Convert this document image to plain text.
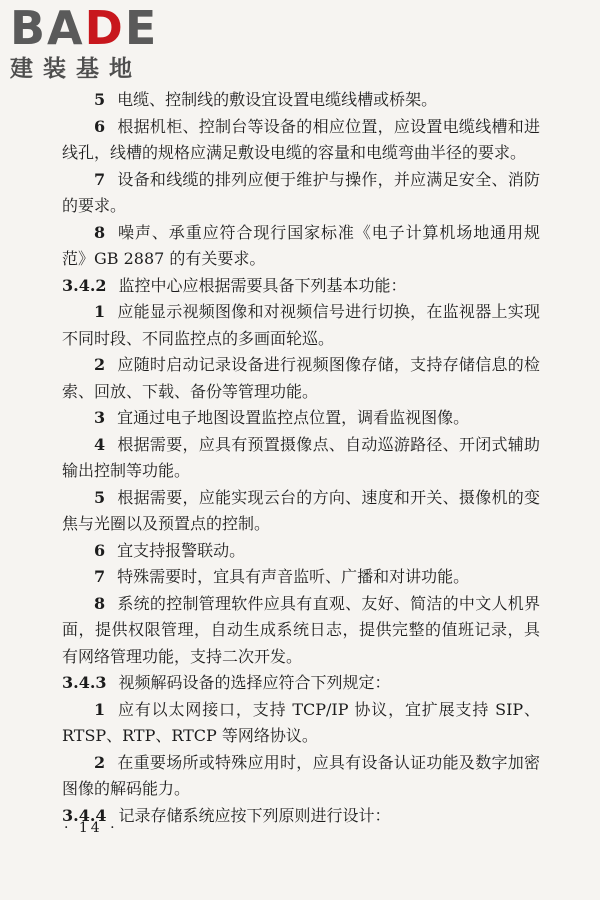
BADE
建装基地

5 电缆、控制线的敷设宜设置电缆线槽或桥架。

6 根据机柜、控制台等设备的相应位置，应设置电缆线槽和进线孔，线槽的规格应满足敷设电缆的容量和电缆弯曲半径的要求。

7 设备和线缆的排列应便于维护与操作，并应满足安全、消防的要求。

8 噪声、承重应符合现行国家标准《电子计算机场地通用规范》GB 2887 的有关要求。

3.4.2 监控中心应根据需要具备下列基本功能：

1 应能显示视频图像和对视频信号进行切换，在监视器上实现不同时段、不同监控点的多画面轮巡。

2 应随时启动记录设备进行视频图像存储，支持存储信息的检索、回放、下载、备份等管理功能。

3 宜通过电子地图设置监控点位置，调看监视图像。

4 根据需要，应具有预置摄像点、自动巡游路径、开闭式辅助输出控制等功能。

5 根据需要，应能实现云台的方向、速度和开关、摄像机的变焦与光圈以及预置点的控制。

6 宜支持报警联动。

7 特殊需要时，宜具有声音监听、广播和对讲功能。

8 系统的控制管理软件应具有直观、友好、简洁的中文人机界面，提供权限管理，自动生成系统日志，提供完整的值班记录，具有网络管理功能，支持二次开发。

3.4.3 视频解码设备的选择应符合下列规定：

1 应有以太网接口，支持 TCP/IP 协议，宜扩展支持 SIP、RTSP、RTP、RTCP 等网络协议。

2 在重要场所或特殊应用时，应具有设备认证功能及数字加密图像的解码能力。

3.4.4 记录存储系统应按下列原则进行设计：

· 14 ·
